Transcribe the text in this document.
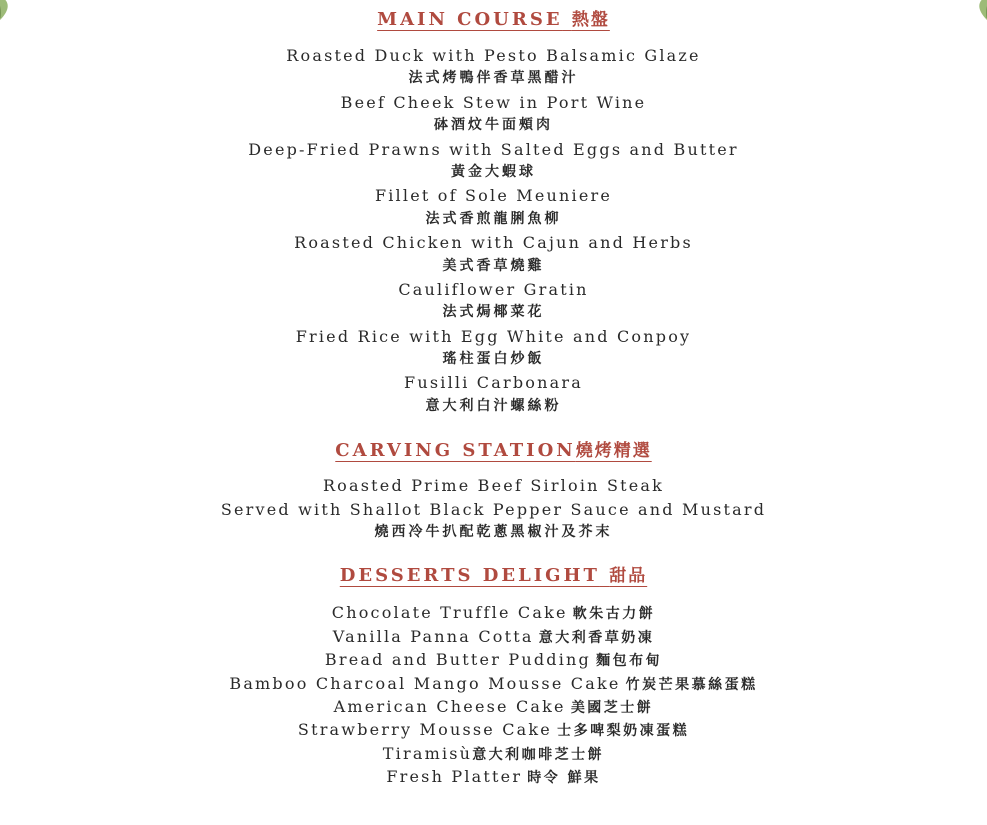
MAIN COURSE 熱盤

Roasted Duck with Pesto Balsamic Glaze

法式烤鴨伴香草黑醋汁

Beef Cheek Stew in Port Wine

砵酒炆牛面頰肉

Deep-Fried Prawns with Salted Eggs and Butter

黃金大蝦球

Fillet of Sole Meuniere

法式香煎龍脷魚柳

Roasted Chicken with Cajun and Herbs

美式香草燒雞

Cauliflower Gratin

法式焗椰菜花

Fried Rice with Egg White and Conpoy

瑤柱蛋白炒飯

Fusilli Carbonara

意大利白汁螺絲粉

CARVING STATION燒烤精選

Roasted Prime Beef Sirloin Steak

Served with Shallot Black Pepper Sauce and Mustard

燒西冷牛扒配乾蔥黑椒汁及芥末

DESSERTS DELIGHT 甜品

Chocolate Truffle Cake 軟朱古力餅

Vanilla Panna Cotta 意大利香草奶凍

Bread and Butter Pudding 麵包布甸

Bamboo Charcoal Mango Mousse Cake 竹炭芒果慕絲蛋糕

American Cheese Cake 美國芝士餅

Strawberry Mousse Cake 士多啤梨奶凍蛋糕

Tiramisù意大利咖啡芝士餅

Fresh Platter 時令 鮮果
